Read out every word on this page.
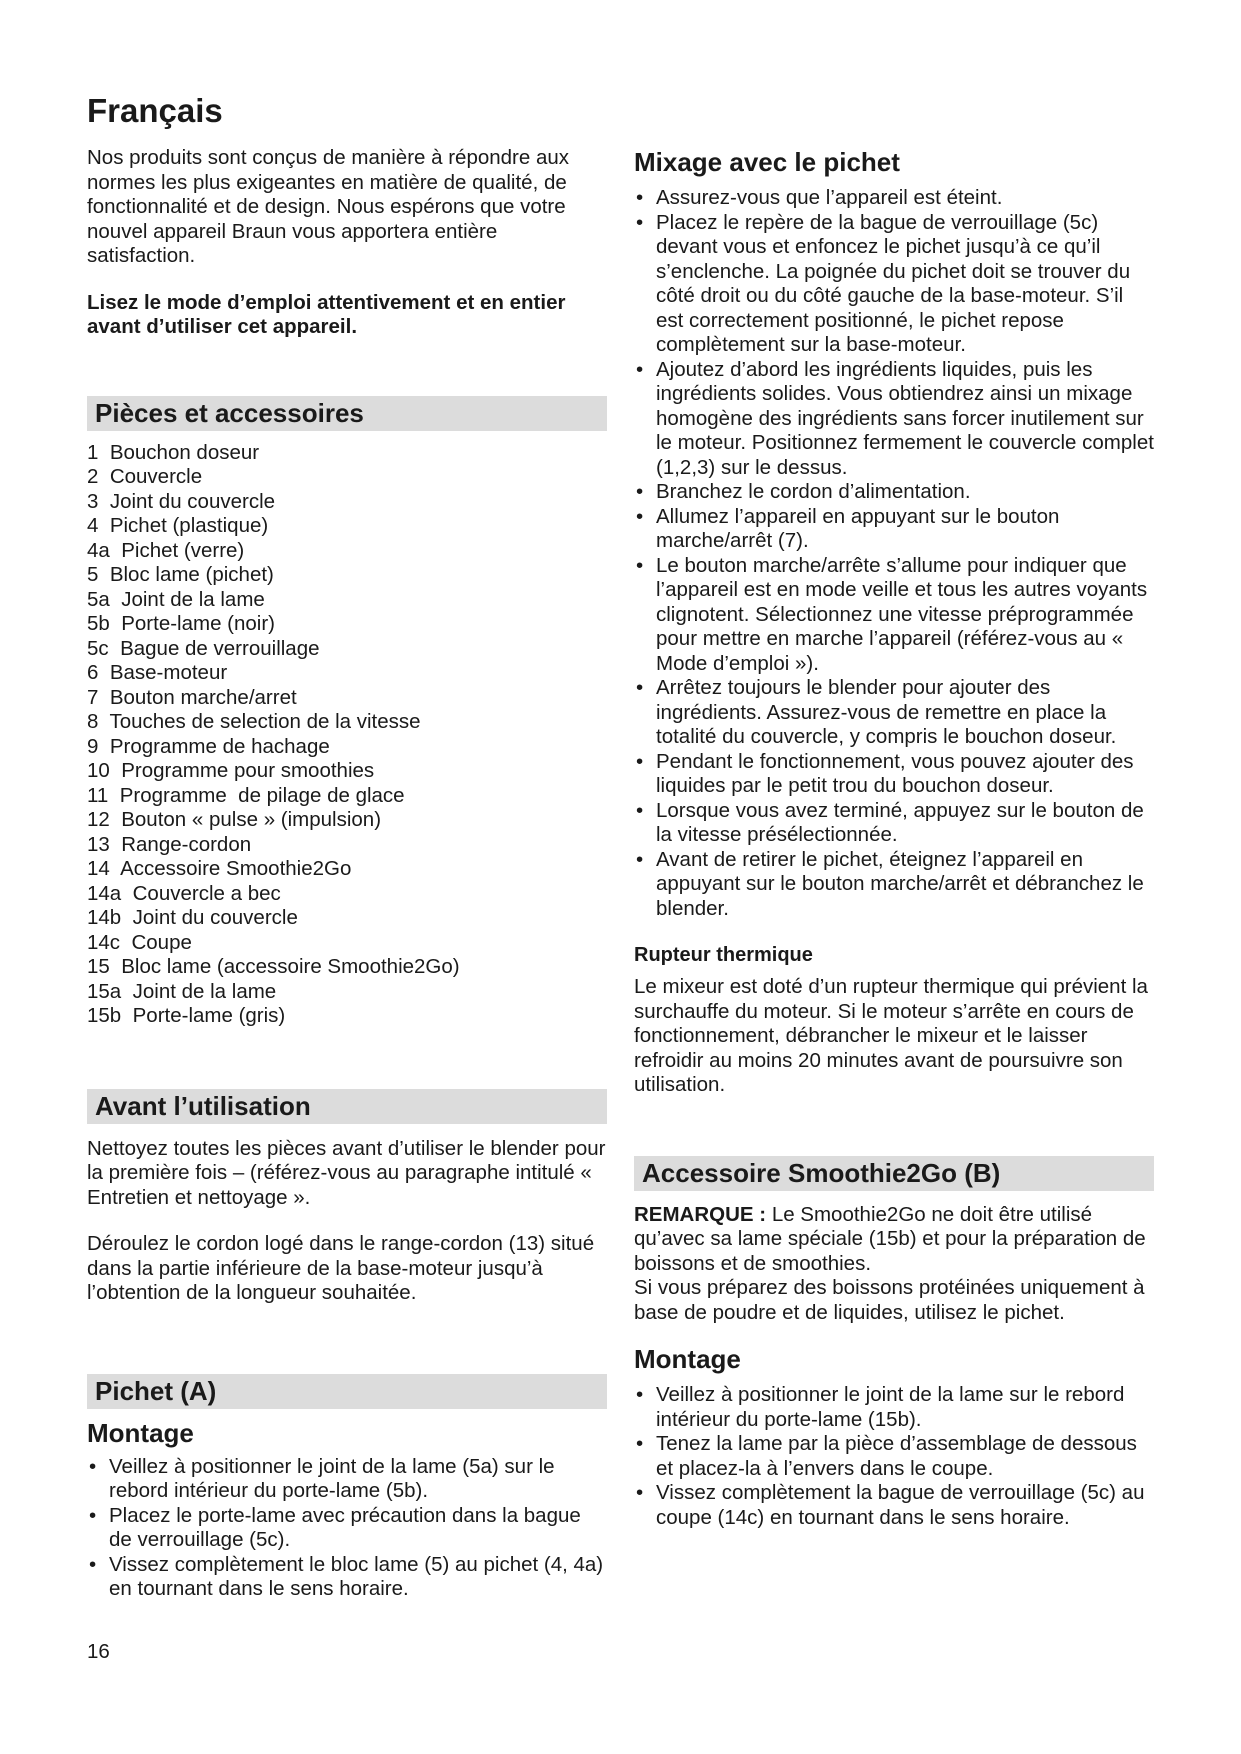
Français

Nos produits sont conçus de manière à répondre aux normes les plus exigeantes en matière de qualité, de fonctionnalité et de design. Nous espérons que votre nouvel appareil Braun vous apportera entière satisfaction.

Lisez le mode d’emploi attentivement et en entier avant d’utiliser cet appareil.

Pièces et accessoires
1 Bouchon doseur
2 Couvercle
3 Joint du couvercle
4 Pichet (plastique)
4a Pichet (verre)
5 Bloc lame (pichet)
5a Joint de la lame
5b Porte-lame (noir)
5c Bague de verrouillage
6 Base-moteur
7 Bouton marche/arret
8 Touches de selection de la vitesse
9 Programme de hachage
10 Programme pour smoothies
11 Programme  de pilage de glace
12 Bouton « pulse » (impulsion)
13 Range-cordon
14 Accessoire Smoothie2Go
14a Couvercle a bec
14b Joint du couvercle
14c Coupe
15 Bloc lame (accessoire Smoothie2Go)
15a Joint de la lame
15b Porte-lame (gris)
Avant l’utilisation

Nettoyez toutes les pièces avant d’utiliser le blender pour la première fois – (référez-vous au paragraphe intitulé « Entretien et nettoyage ».

Déroulez le cordon logé dans le range-cordon (13) situé dans la partie inférieure de la base-moteur jusqu’à l’obtention de la longueur souhaitée.

Pichet (A)
Montage
• Veillez à positionner le joint de la lame (5a) sur le rebord intérieur du porte-lame (5b).
• Placez le porte-lame avec précaution dans la bague de verrouillage (5c).
• Vissez complètement le bloc lame (5) au pichet (4, 4a) en tournant dans le sens horaire.
Mixage avec le pichet
• Assurez-vous que l’appareil est éteint.
• Placez le repère de la bague de verrouillage (5c) devant vous et enfoncez le pichet jusqu’à ce qu’il s’enclenche. La poignée du pichet doit se trouver du côté droit ou du côté gauche de la base-moteur. S’il est correctement positionné, le pichet repose complètement sur la base-moteur.
• Ajoutez d’abord les ingrédients liquides, puis les ingrédients solides. Vous obtiendrez ainsi un mixage homogène des ingrédients sans forcer inutilement sur le moteur. Positionnez fermement le couvercle complet (1,2,3) sur le dessus.
• Branchez le cordon d’alimentation.
• Allumez l’appareil en appuyant sur le bouton marche/arrêt (7).
• Le bouton marche/arrête s’allume pour indiquer que l’appareil est en mode veille et tous les autres voyants clignotent. Sélectionnez une vitesse préprogrammée pour mettre en marche l’appareil (référez-vous au « Mode d’emploi »).
• Arrêtez toujours le blender pour ajouter des ingrédients. Assurez-vous de remettre en place la totalité du couvercle, y compris le bouchon doseur.
• Pendant le fonctionnement, vous pouvez ajouter des liquides par le petit trou du bouchon doseur.
• Lorsque vous avez terminé, appuyez sur le bouton de la vitesse présélectionnée.
• Avant de retirer le pichet, éteignez l’appareil en appuyant sur le bouton marche/arrêt et débranchez le blender.
Rupteur thermique

Le mixeur est doté d’un rupteur thermique qui prévient la surchauffe du moteur. Si le moteur s’arrête en cours de fonctionnement, débrancher le mixeur et le laisser refroidir au moins 20 minutes avant de poursuivre son utilisation.

Accessoire Smoothie2Go (B)

REMARQUE : Le Smoothie2Go ne doit être utilisé qu’avec sa lame spéciale (15b) et pour la préparation de boissons et de smoothies.

Si vous préparez des boissons protéinées uniquement à base de poudre et de liquides, utilisez le pichet.

Montage
• Veillez à positionner le joint de la lame sur le rebord intérieur du porte-lame (15b).
• Tenez la lame par la pièce d’assemblage de dessous et placez-la à l’envers dans le coupe.
• Vissez complètement la bague de verrouillage (5c) au coupe (14c) en tournant dans le sens horaire.
16
